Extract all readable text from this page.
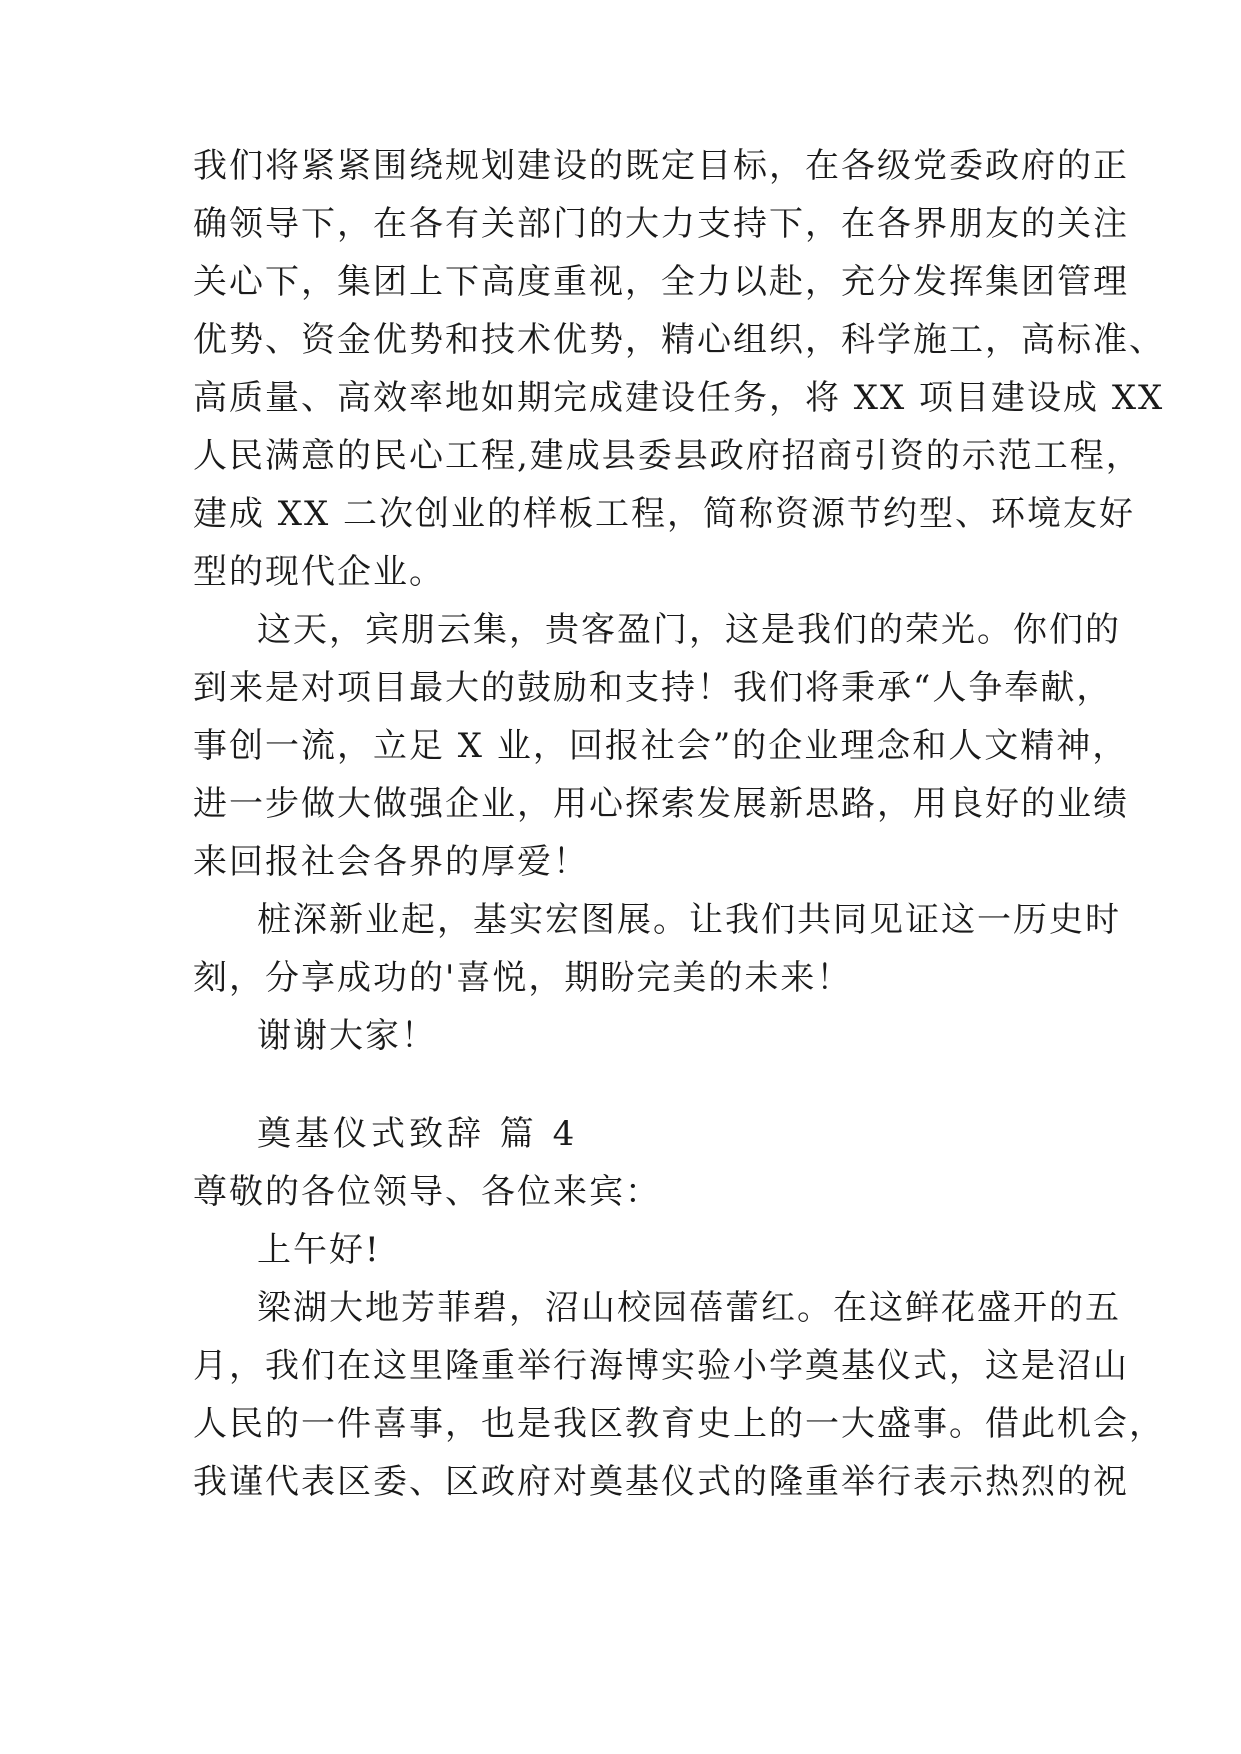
我们将紧紧围绕规划建设的既定目标，在各级党委政府的正
确领导下，在各有关部门的大力支持下，在各界朋友的关注
关心下，集团上下高度重视，全力以赴，充分发挥集团管理
优势、资金优势和技术优势，精心组织，科学施工，高标准、
高质量、高效率地如期完成建设任务，将 XX 项目建设成 XX
人民满意的民心工程,建成县委县政府招商引资的示范工程，
建成 XX 二次创业的样板工程，简称资源节约型、环境友好
型的现代企业。
这天，宾朋云集，贵客盈门，这是我们的荣光。你们的
到来是对项目最大的鼓励和支持！我们将秉承“人争奉献，
事创一流，立足 X 业，回报社会”的企业理念和人文精神，
进一步做大做强企业，用心探索发展新思路，用良好的业绩
来回报社会各界的厚爱！
桩深新业起，基实宏图展。让我们共同见证这一历史时
刻，分享成功的'喜悦，期盼完美的未来！
谢谢大家！
奠基仪式致辞 篇 4
尊敬的各位领导、各位来宾：
上午好!
梁湖大地芳菲碧，沼山校园蓓蕾红。在这鲜花盛开的五
月，我们在这里隆重举行海博实验小学奠基仪式，这是沼山
人民的一件喜事，也是我区教育史上的一大盛事。借此机会，
我谨代表区委、区政府对奠基仪式的隆重举行表示热烈的祝
